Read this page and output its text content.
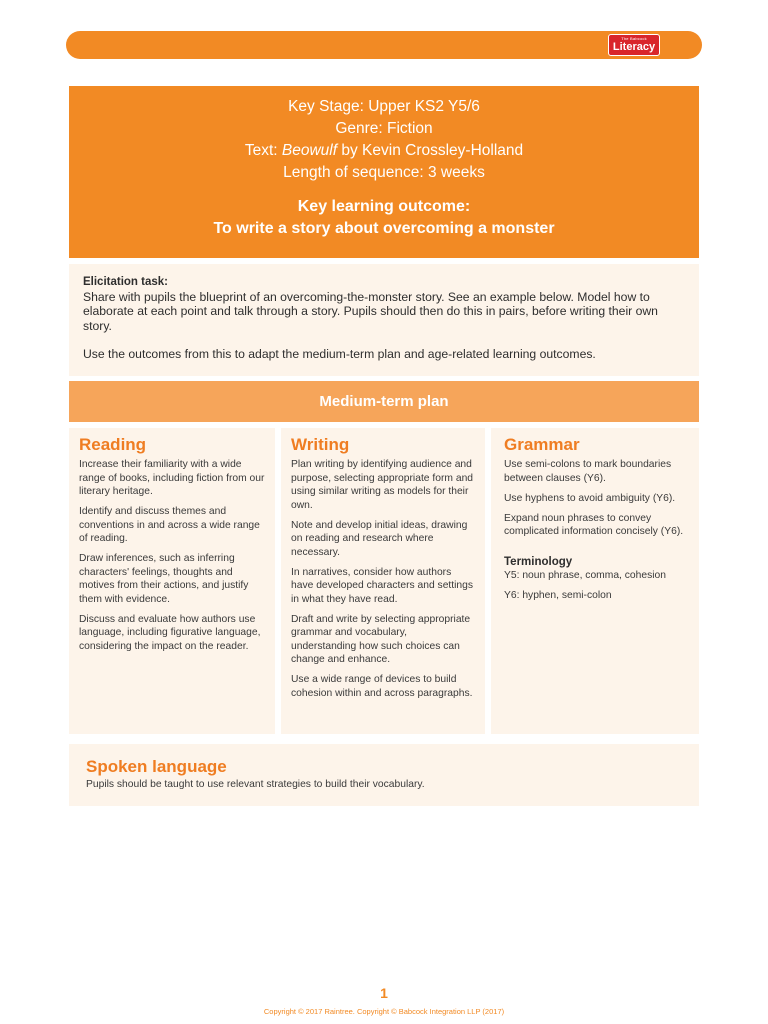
The Babcock
Literacy
Key Stage: Upper KS2 Y5/6
Genre: Fiction
Text: Beowulf by Kevin Crossley-Holland
Length of sequence: 3 weeks
Key learning outcome:
To write a story about overcoming a monster

Elicitation task:

Share with pupils the blueprint of an overcoming-the-monster story. See an example below. Model how to elaborate at each point and talk through a story. Pupils should then do this in pairs, before writing their own story.

Use the outcomes from this to adapt the medium-term plan and age-related learning outcomes.

Medium-term plan
Reading

Increase their familiarity with a wide range of books, including fiction from our literary heritage.

Identify and discuss themes and conventions in and across a wide range of reading.

Draw inferences, such as inferring characters' feelings, thoughts and motives from their actions, and justify them with evidence.

Discuss and evaluate how authors use language, including figurative language, considering the impact on the reader.

Writing

Plan writing by identifying audience and purpose, selecting appropriate form and using similar writing as models for their own.

Note and develop initial ideas, drawing on reading and research where necessary.

In narratives, consider how authors have developed characters and settings in what they have read.

Draft and write by selecting appropriate grammar and vocabulary, understanding how such choices can change and enhance.

Use a wide range of devices to build cohesion within and across paragraphs.

Grammar

Use semi-colons to mark boundaries between clauses (Y6).

Use hyphens to avoid ambiguity (Y6).

Expand noun phrases to convey complicated information concisely (Y6).

Terminology

Y5: noun phrase, comma, cohesion

Y6: hyphen, semi-colon

Spoken language

Pupils should be taught to use relevant strategies to build their vocabulary.

1
Copyright © 2017 Raintree. Copyright © Babcock Integration LLP (2017)
